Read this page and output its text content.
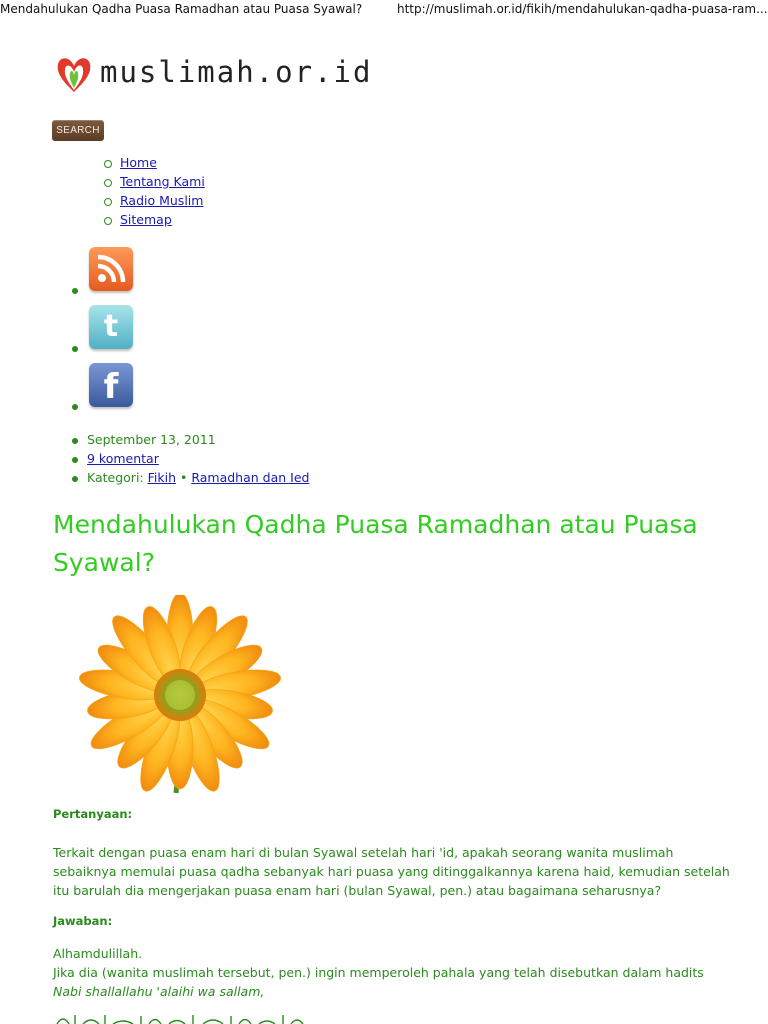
Mendahulukan Qadha Puasa Ramadhan atau Puasa Syawal?	http://muslimah.or.id/fikih/mendahulukan-qadha-puasa-ram...
muslimah.or.id
SEARCH
Home
Tentang Kami
Radio Muslim
Sitemap
t
f
September 13, 2011
9 komentar
Kategori: Fikih • Ramadhan dan Ied
Mendahulukan Qadha Puasa Ramadhan atau Puasa Syawal?

Pertanyaan:

Terkait dengan puasa enam hari di bulan Syawal setelah hari 'id, apakah seorang wanita muslimah

sebaiknya memulai puasa qadha sebanyak hari puasa yang ditinggalkannya karena haid, kemudian setelah

itu barulah dia mengerjakan puasa enam hari (bulan Syawal, pen.) atau bagaimana seharusnya?

Jawaban:

Alhamdulillah.

Jika dia (wanita muslimah tersebut, pen.) ingin memperoleh pahala yang telah disebutkan dalam hadits

Nabi shallallahu 'alaihi wa sallam,
